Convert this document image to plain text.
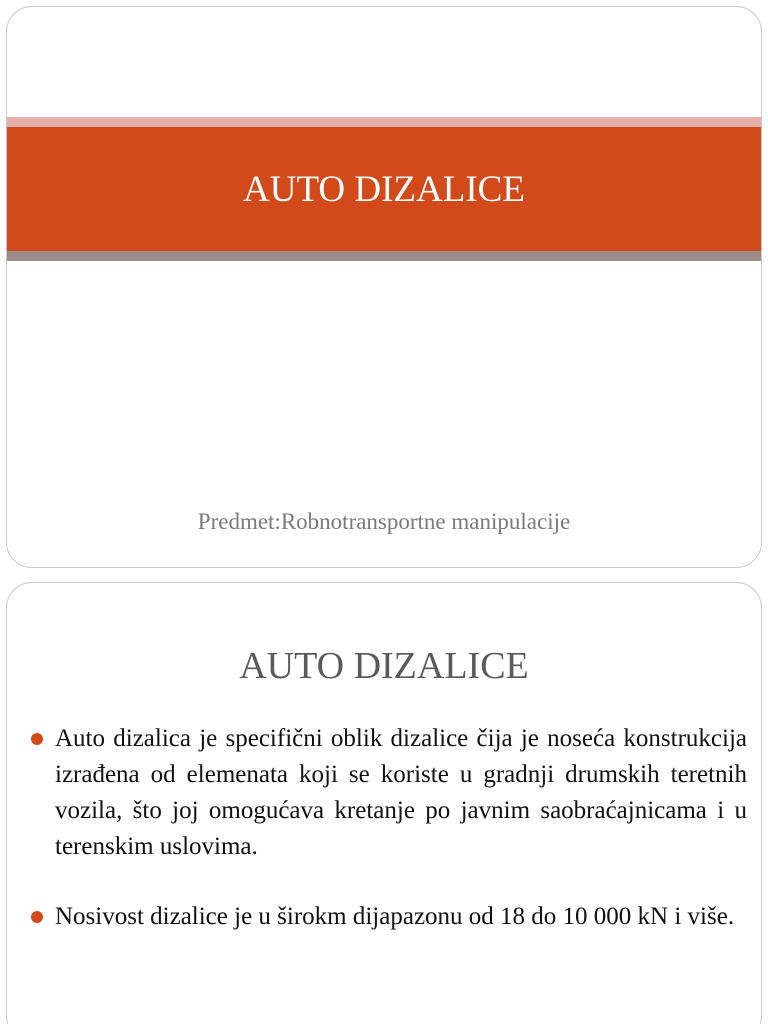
AUTO DIZALICE

Predmet:Robnotransportne manipulacije

AUTO DIZALICE
Auto dizalica je specifični oblik dizalice čija je noseća konstrukcija izrađena od elemenata koji se koriste u gradnji drumskih teretnih vozila, što joj omogućava kretanje po javnim saobraćajnicama i u terenskim uslovima.
Nosivost dizalice je u širokm dijapazonu od 18 do 10 000 kN i više.
